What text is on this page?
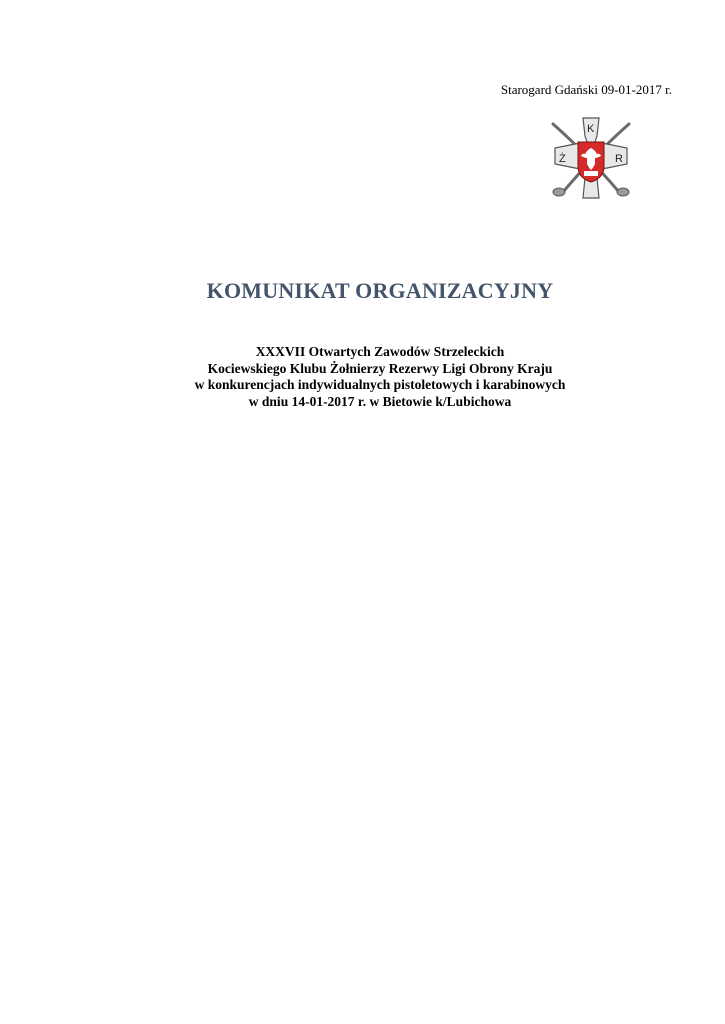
Starogard Gdański 09-01-2017 r.
K
Ż	R
KOMUNIKAT ORGANIZACYJNY
XXXVII Otwartych Zawodów Strzeleckich
Kociewskiego Klubu Żołnierzy Rezerwy Ligi Obrony Kraju
w konkurencjach indywidualnych pistoletowych i karabinowych
w dniu 14-01-2017 r. w Bietowie k/Lubichowa
